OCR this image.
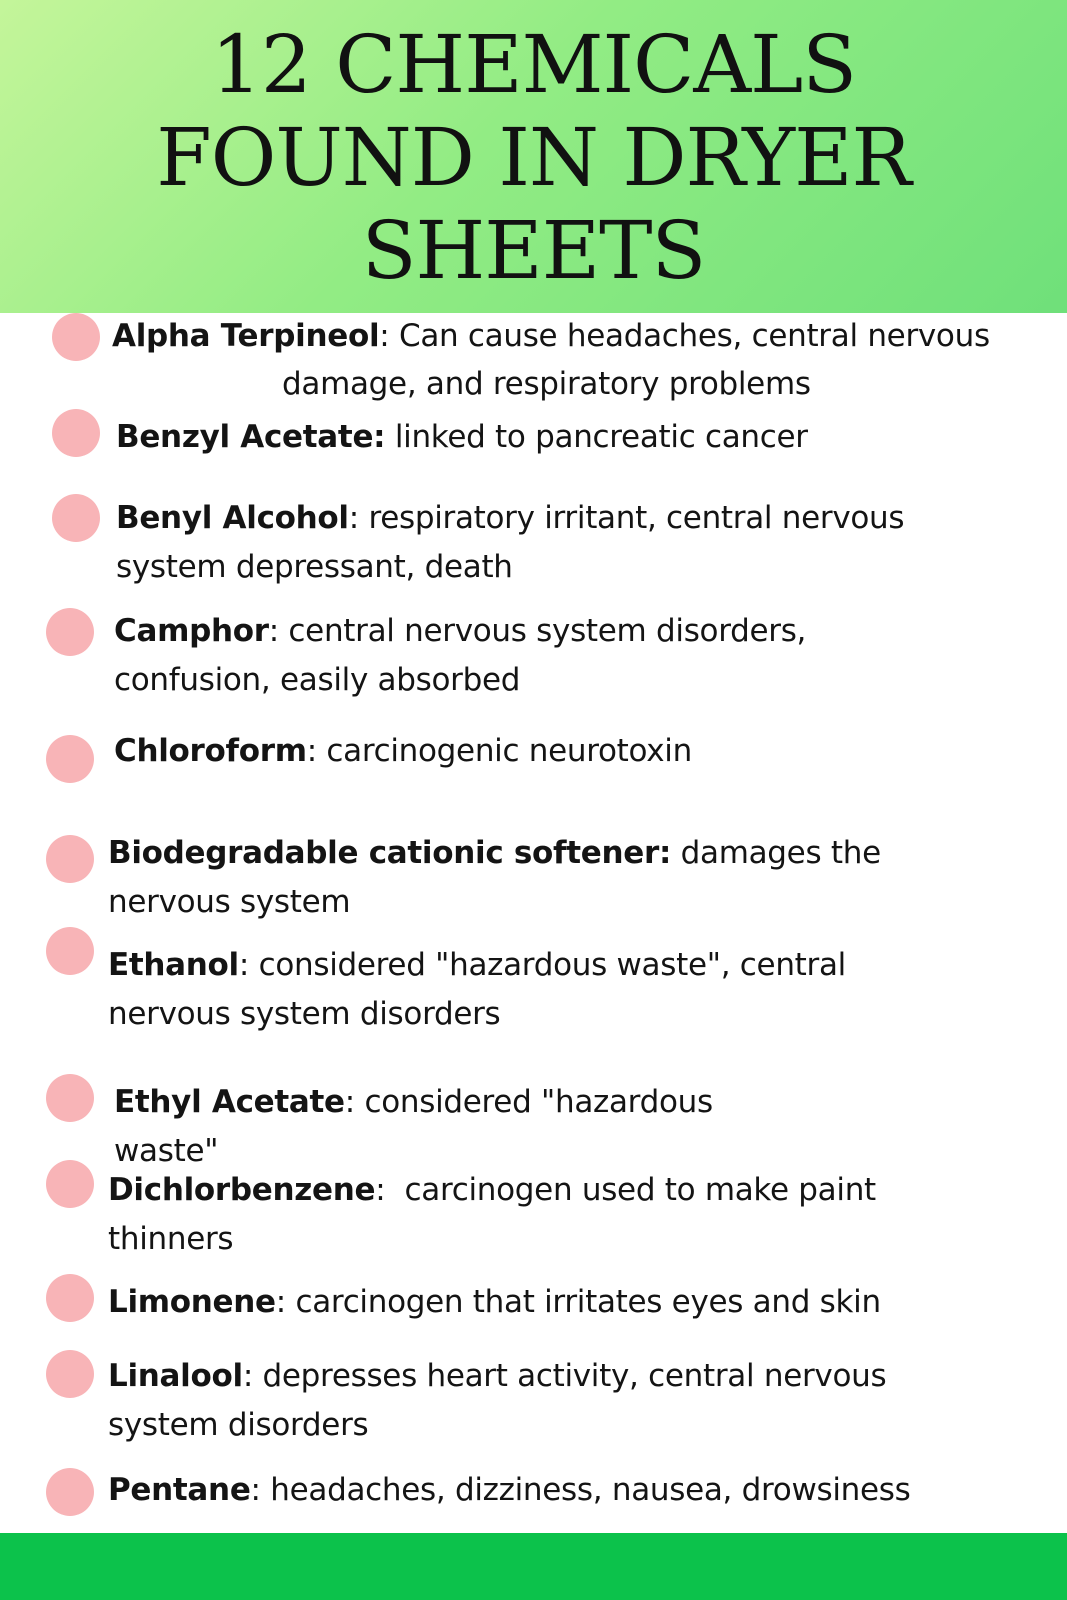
12 CHEMICALS
FOUND IN DRYER
SHEETS
Alpha Terpineol: Can cause headaches, central nervous
damage, and respiratory problems
Benzyl Acetate: linked to pancreatic cancer
Benyl Alcohol: respiratory irritant, central nervous
system depressant, death
Camphor: central nervous system disorders,
confusion, easily absorbed
Chloroform: carcinogenic neurotoxin
Biodegradable cationic softener: damages the
nervous system
Ethanol: considered "hazardous waste", central
nervous system disorders
Ethyl Acetate: considered "hazardous
waste"
Dichlorbenzene:  carcinogen used to make paint
thinners
Limonene: carcinogen that irritates eyes and skin
Linalool: depresses heart activity, central nervous
system disorders
Pentane: headaches, dizziness, nausea, drowsiness
